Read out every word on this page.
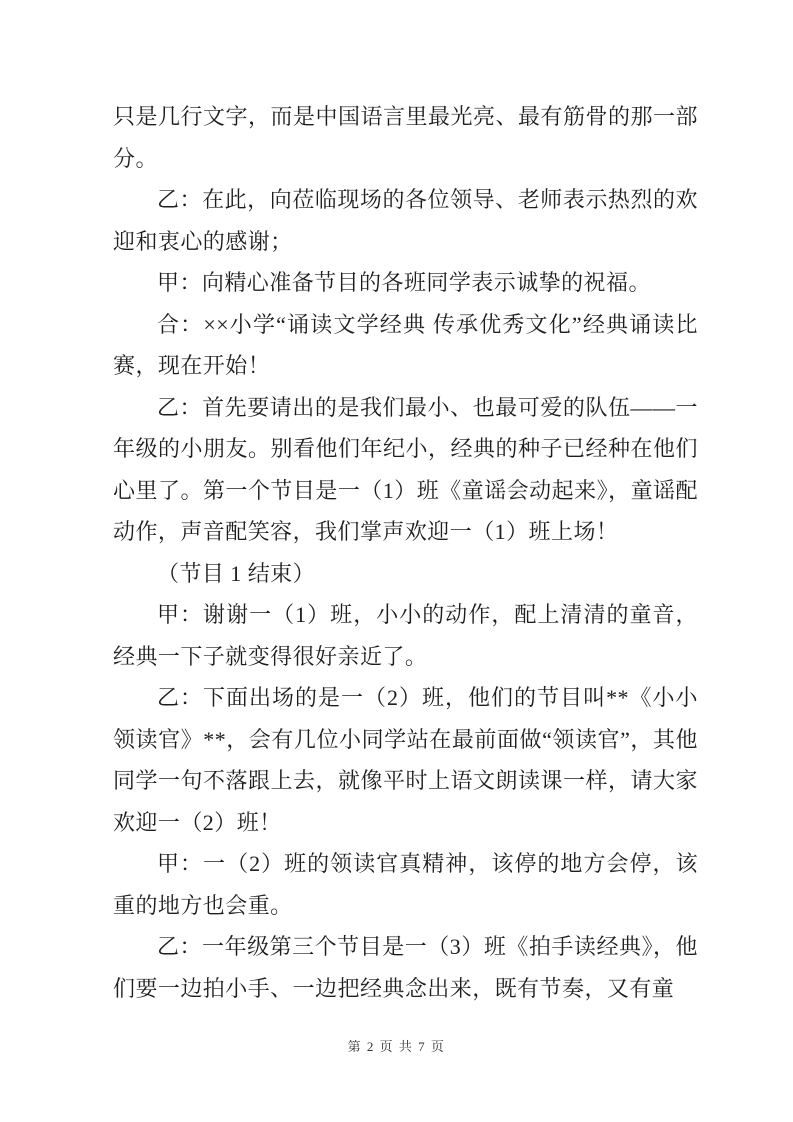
只是几行文字，而是中国语言里最光亮、最有筋骨的那一部分。

乙：在此，向莅临现场的各位领导、老师表示热烈的欢迎和衷心的感谢；

甲：向精心准备节目的各班同学表示诚挚的祝福。

合：××小学“诵读文学经典 传承优秀文化”经典诵读比赛，现在开始！

乙：首先要请出的是我们最小、也最可爱的队伍——一年级的小朋友。别看他们年纪小，经典的种子已经种在他们心里了。第一个节目是一（1）班《童谣会动起来》，童谣配动作，声音配笑容，我们掌声欢迎一（1）班上场！

（节目 1 结束）

甲：谢谢一（1）班，小小的动作，配上清清的童音，经典一下子就变得很好亲近了。

乙：下面出场的是一（2）班，他们的节目叫**《小小领读官》**，会有几位小同学站在最前面做“领读官”，其他同学一句不落跟上去，就像平时上语文朗读课一样，请大家欢迎一（2）班！

甲：一（2）班的领读官真精神，该停的地方会停，该重的地方也会重。

乙：一年级第三个节目是一（3）班《拍手读经典》，他们要一边拍小手、一边把经典念出来，既有节奏，又有童

第 2 页 共 7 页
